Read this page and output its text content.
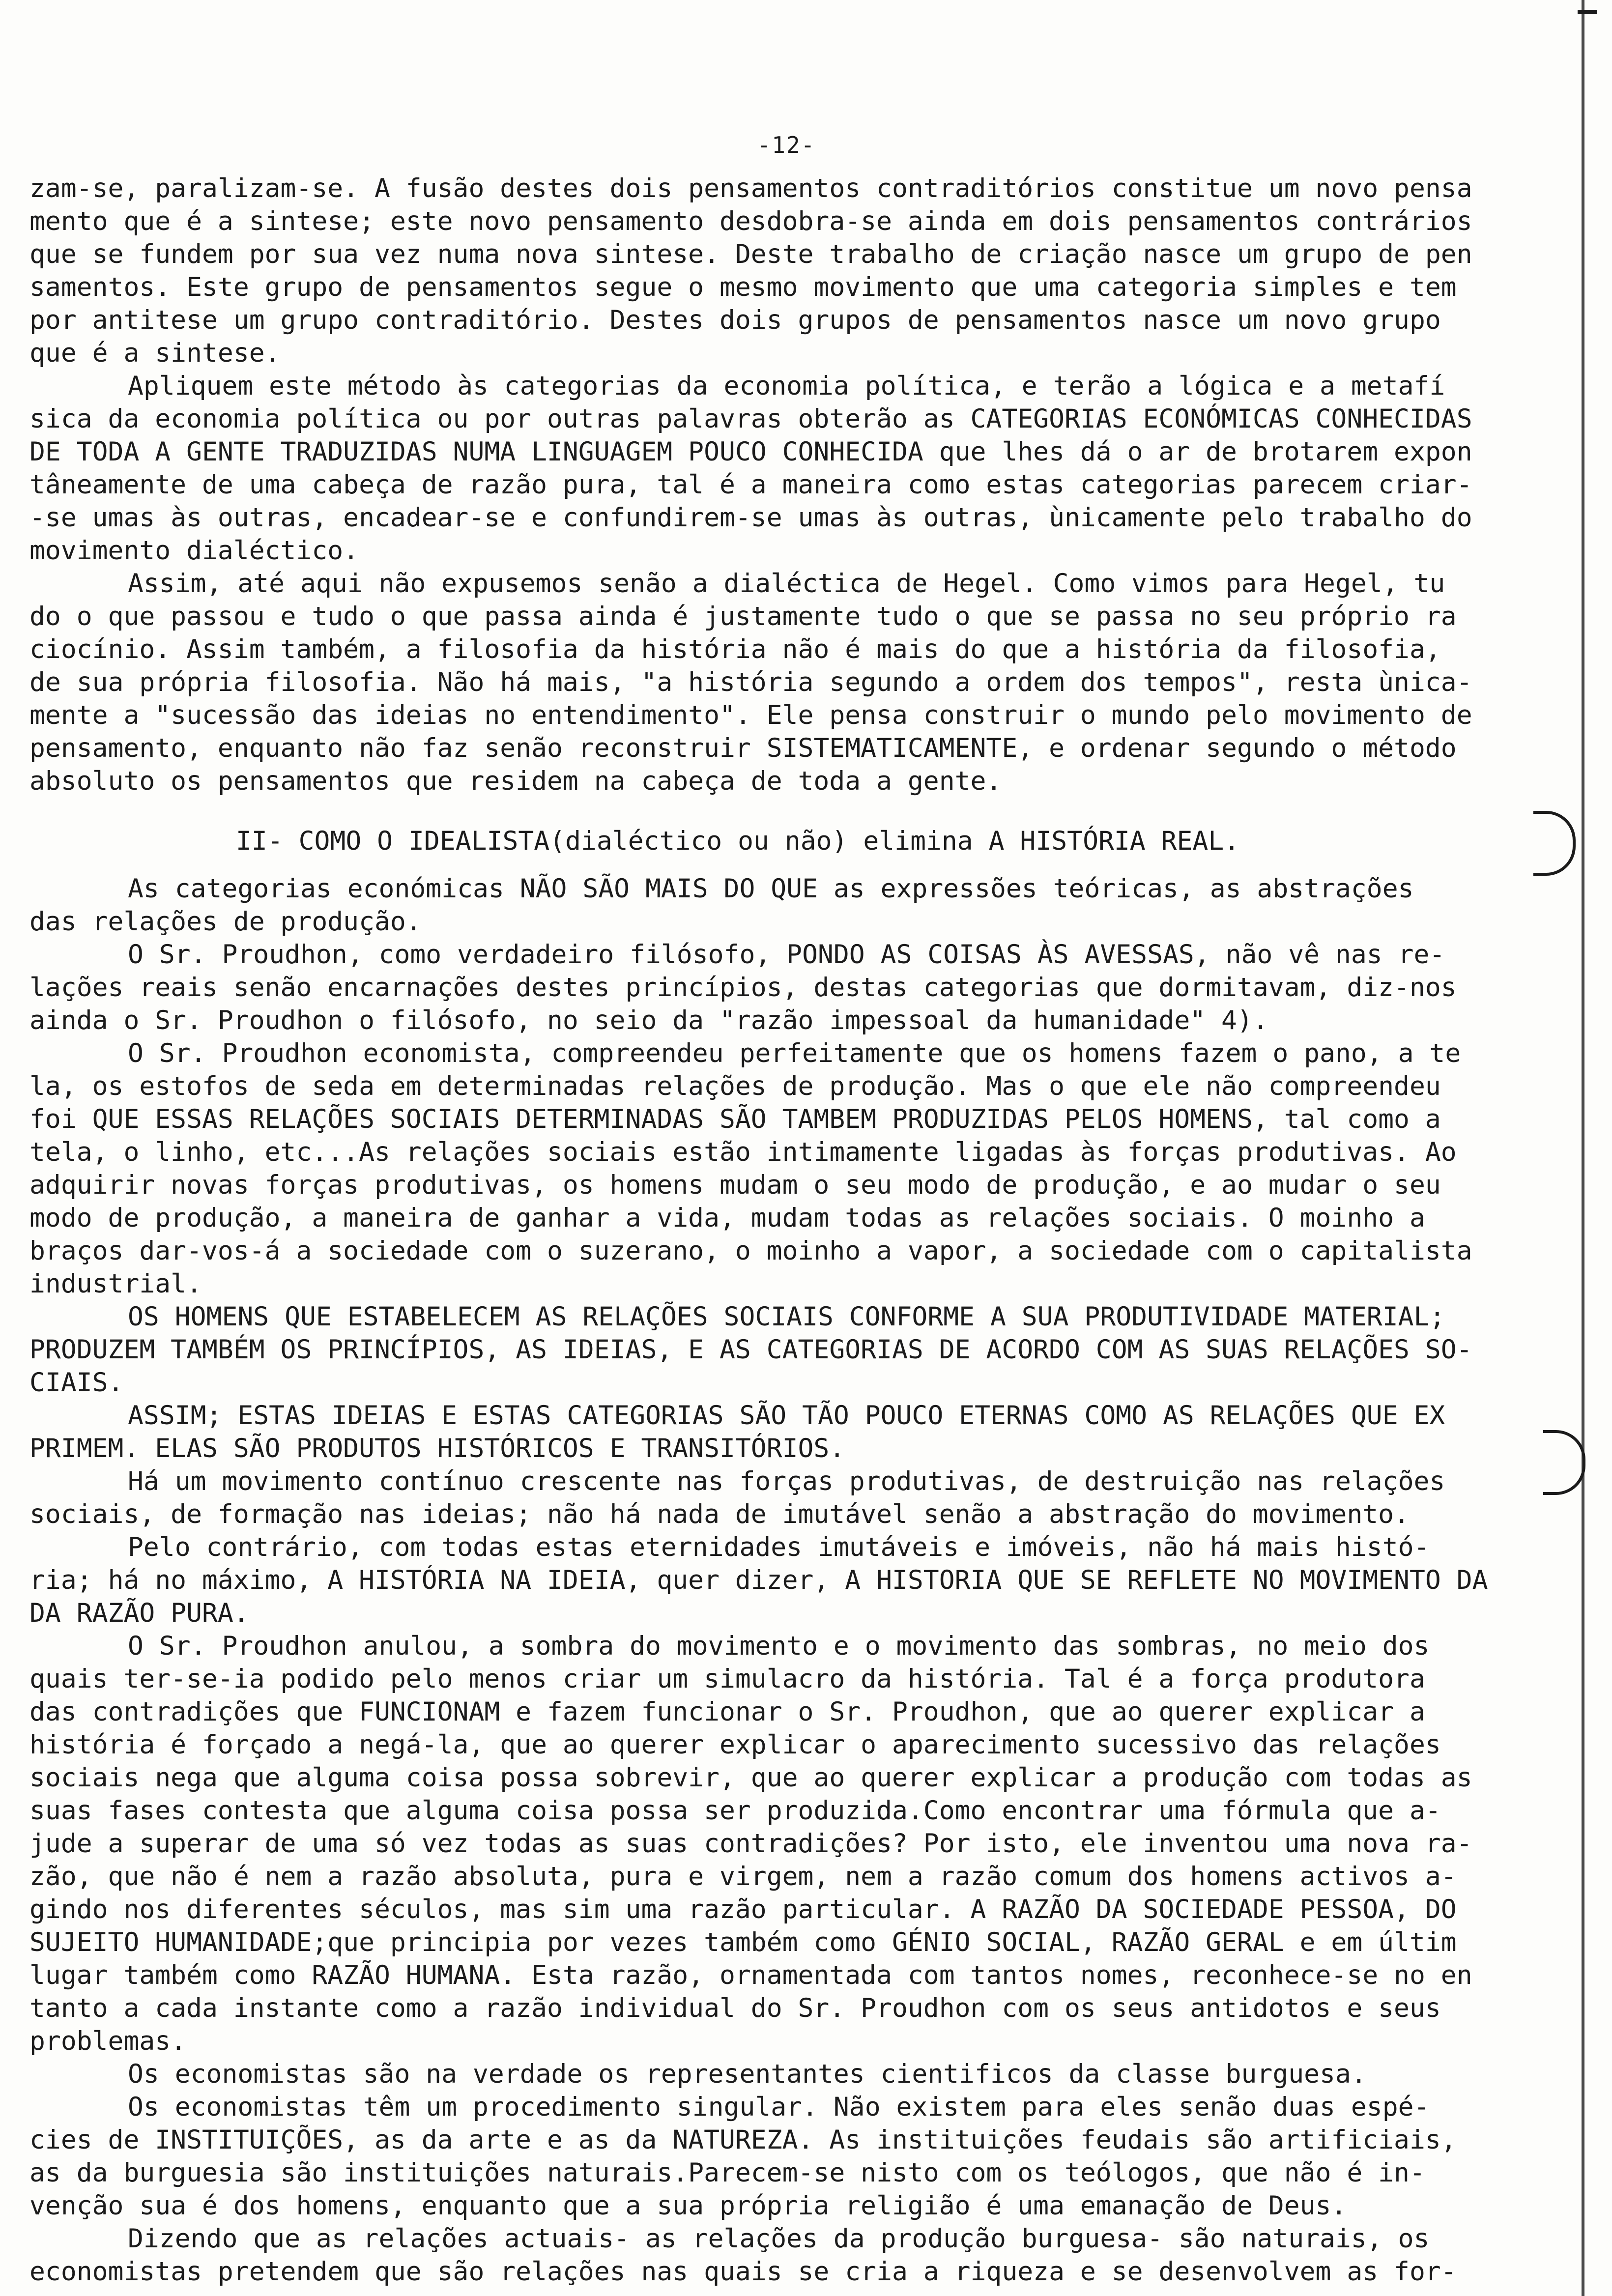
-12-
zam-se, paralizam-se. A fusão destes dois pensamentos contraditórios constitue um novo pensa
mento que é a sintese; este novo pensamento desdobra-se ainda em dois pensamentos contrários
que se fundem por sua vez numa nova sintese. Deste trabalho de criação nasce um grupo de pen
samentos. Este grupo de pensamentos segue o mesmo movimento que uma categoria simples e tem
por antitese um grupo contraditório. Destes dois grupos de pensamentos nasce um novo grupo
que é a sintese.
Apliquem este método às categorias da economia política, e terão a lógica e a metafí
sica da economia política ou por outras palavras obterão as CATEGORIAS ECONÓMICAS CONHECIDAS
DE TODA A GENTE TRADUZIDAS NUMA LINGUAGEM POUCO CONHECIDA que lhes dá o ar de brotarem expon
tâneamente de uma cabeça de razão pura, tal é a maneira como estas categorias parecem criar-
-se umas às outras, encadear-se e confundirem-se umas às outras, ùnicamente pelo trabalho do
movimento dialéctico.
Assim, até aqui não expusemos senão a dialéctica de Hegel. Como vimos para Hegel, tu
do o que passou e tudo o que passa ainda é justamente tudo o que se passa no seu próprio ra
ciocínio. Assim também, a filosofia da história não é mais do que a história da filosofia,
de sua própria filosofia. Não há mais, "a história segundo a ordem dos tempos", resta ùnica-
mente a "sucessão das ideias no entendimento". Ele pensa construir o mundo pelo movimento de
pensamento, enquanto não faz senão reconstruir SISTEMATICAMENTE, e ordenar segundo o método
absoluto os pensamentos que residem na cabeça de toda a gente.
II- COMO O IDEALISTA(dialéctico ou não) elimina A HISTÓRIA REAL.
As categorias económicas NÃO SÃO MAIS DO QUE as expressões teóricas, as abstrações
das relações de produção.
O Sr. Proudhon, como verdadeiro filósofo, PONDO AS COISAS ÀS AVESSAS, não vê nas re-
lações reais senão encarnações destes princípios, destas categorias que dormitavam, diz-nos
ainda o Sr. Proudhon o filósofo, no seio da "razão impessoal da humanidade" 4).
O Sr. Proudhon economista, compreendeu perfeitamente que os homens fazem o pano, a te
la, os estofos de seda em determinadas relações de produção. Mas o que ele não compreendeu
foi QUE ESSAS RELAÇÕES SOCIAIS DETERMINADAS SÃO TAMBEM PRODUZIDAS PELOS HOMENS, tal como a
tela, o linho, etc...As relações sociais estão intimamente ligadas às forças produtivas. Ao
adquirir novas forças produtivas, os homens mudam o seu modo de produção, e ao mudar o seu
modo de produção, a maneira de ganhar a vida, mudam todas as relações sociais. O moinho a
braços dar-vos-á a sociedade com o suzerano, o moinho a vapor, a sociedade com o capitalista
industrial.
OS HOMENS QUE ESTABELECEM AS RELAÇÕES SOCIAIS CONFORME A SUA PRODUTIVIDADE MATERIAL;
PRODUZEM TAMBÉM OS PRINCÍPIOS, AS IDEIAS, E AS CATEGORIAS DE ACORDO COM AS SUAS RELAÇÕES SO-
CIAIS.
ASSIM; ESTAS IDEIAS E ESTAS CATEGORIAS SÃO TÃO POUCO ETERNAS COMO AS RELAÇÕES QUE EX
PRIMEM. ELAS SÃO PRODUTOS HISTÓRICOS E TRANSITÓRIOS.
Há um movimento contínuo crescente nas forças produtivas, de destruição nas relações
sociais, de formação nas ideias; não há nada de imutável senão a abstração do movimento.
Pelo contrário, com todas estas eternidades imutáveis e imóveis, não há mais histó-
ria; há no máximo, A HISTÓRIA NA IDEIA, quer dizer, A HISTORIA QUE SE REFLETE NO MOVIMENTO DA
DA RAZÃO PURA.
O Sr. Proudhon anulou, a sombra do movimento e o movimento das sombras, no meio dos
quais ter-se-ia podido pelo menos criar um simulacro da história. Tal é a força produtora
das contradições que FUNCIONAM e fazem funcionar o Sr. Proudhon, que ao querer explicar a
história é forçado a negá-la, que ao querer explicar o aparecimento sucessivo das relações
sociais nega que alguma coisa possa sobrevir, que ao querer explicar a produção com todas as
suas fases contesta que alguma coisa possa ser produzida.Como encontrar uma fórmula que a-
jude a superar de uma só vez todas as suas contradições? Por isto, ele inventou uma nova ra-
zão, que não é nem a razão absoluta, pura e virgem, nem a razão comum dos homens activos a-
gindo nos diferentes séculos, mas sim uma razão particular. A RAZÃO DA SOCIEDADE PESSOA, DO
SUJEITO HUMANIDADE;que principia por vezes também como GÉNIO SOCIAL, RAZÃO GERAL e em últim
lugar também como RAZÃO HUMANA. Esta razão, ornamentada com tantos nomes, reconhece-se no en
tanto a cada instante como a razão individual do Sr. Proudhon com os seus antidotos e seus
problemas.
Os economistas são na verdade os representantes cientificos da classe burguesa.
Os economistas têm um procedimento singular. Não existem para eles senão duas espé-
cies de INSTITUIÇÕES, as da arte e as da NATUREZA. As instituições feudais são artificiais,
as da burguesia são instituições naturais.Parecem-se nisto com os teólogos, que não é in-
venção sua é dos homens, enquanto que a sua própria religião é uma emanação de Deus.
Dizendo que as relações actuais- as relações da produção burguesa- são naturais, os
economistas pretendem que são relações nas quais se cria a riqueza e se desenvolvem as for-
